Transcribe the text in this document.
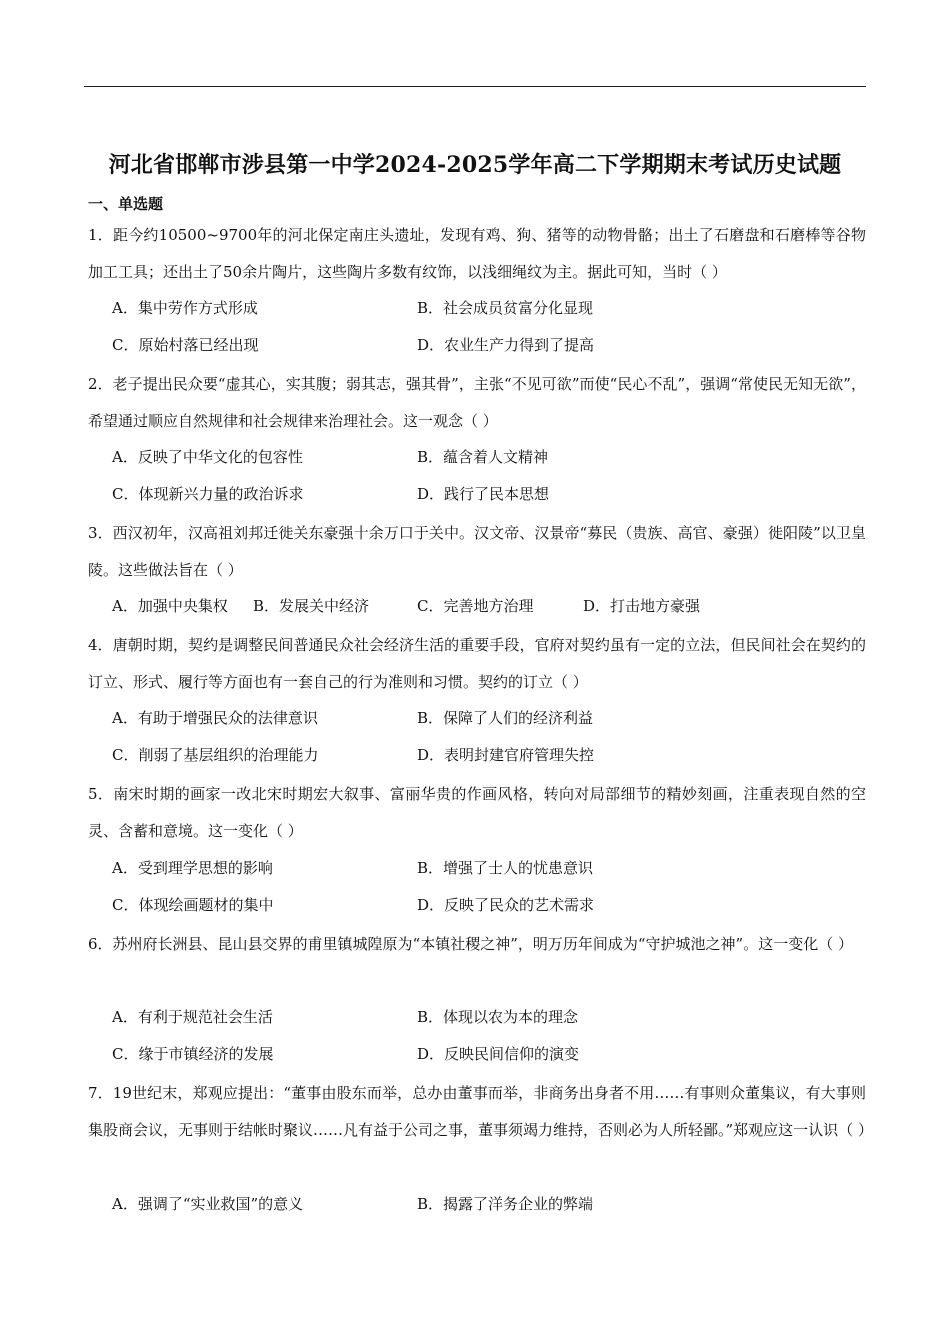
河北省邯郸市涉县第一中学2024-2025学年高二下学期期末考试历史试题
一、单选题
1．距今约10500~9700年的河北保定南庄头遗址，发现有鸡、狗、猪等的动物骨骼；出土了石磨盘和石磨棒等谷物加工工具；还出土了50余片陶片，这些陶片多数有纹饰，以浅细绳纹为主。据此可知，当时（ ）
A．集中劳作方式形成	B．社会成员贫富分化显现
C．原始村落已经出现	D．农业生产力得到了提高
2．老子提出民众要“虚其心，实其腹；弱其志，强其骨”，主张“不见可欲”而使“民心不乱”，强调“常使民无知无欲”，希望通过顺应自然规律和社会规律来治理社会。这一观念（ ）
A．反映了中华文化的包容性	B．蕴含着人文精神
C．体现新兴力量的政治诉求	D．践行了民本思想
3．西汉初年，汉高祖刘邦迁徙关东豪强十余万口于关中。汉文帝、汉景帝“募民（贵族、高官、豪强）徙阳陵”以卫皇陵。这些做法旨在（ ）
A．加强中央集权 B．发展关中经济	C．完善地方治理	D．打击地方豪强
4．唐朝时期，契约是调整民间普通民众社会经济生活的重要手段，官府对契约虽有一定的立法，但民间社会在契约的订立、形式、履行等方面也有一套自己的行为准则和习惯。契约的订立（ ）
A．有助于增强民众的法律意识	B．保障了人们的经济利益
C．削弱了基层组织的治理能力	D．表明封建官府管理失控
5．南宋时期的画家一改北宋时期宏大叙事、富丽华贵的作画风格，转向对局部细节的精妙刻画，注重表现自然的空灵、含蓄和意境。这一变化（ ）
A．受到理学思想的影响	B．增强了士人的忧患意识
C．体现绘画题材的集中	D．反映了民众的艺术需求
6．苏州府长洲县、昆山县交界的甫里镇城隍原为“本镇社稷之神”，明万历年间成为“守护城池之神”。这一变化（ ）
A．有利于规范社会生活	B．体现以农为本的理念
C．缘于市镇经济的发展	D．反映民间信仰的演变
7．19世纪末，郑观应提出：“董事由股东而举，总办由董事而举，非商务出身者不用……有事则众董集议，有大事则集股商会议，无事则于结帐时聚议……凡有益于公司之事，董事须竭力维持，否则必为人所轻鄙。”郑观应这一认识（ ）
A．强调了“实业救国”的意义	B．揭露了洋务企业的弊端
